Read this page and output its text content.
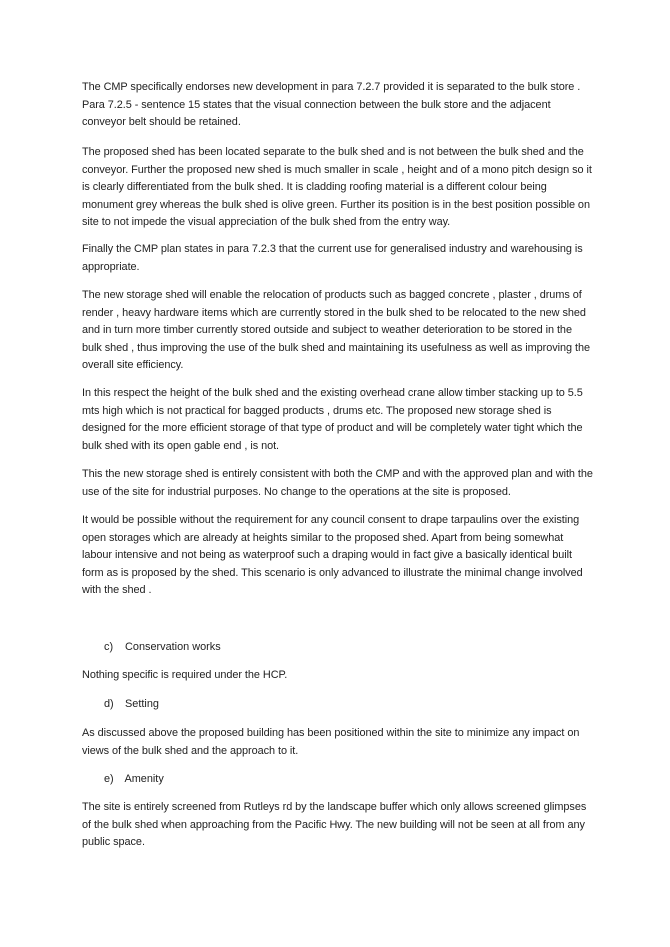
The CMP specifically endorses new development in para 7.2.7 provided it is separated to the bulk store . Para 7.2.5 - sentence 15 states that the visual connection between the bulk store and the adjacent conveyor belt should be retained.

The proposed shed has been located separate to the bulk shed and is not between the bulk shed and the conveyor. Further the proposed new shed is much smaller in scale , height and of a mono pitch design so it is clearly differentiated from the bulk shed. It is cladding roofing material is a different colour being monument grey whereas the bulk shed is olive green. Further its position is in the best position possible on site to not impede the visual appreciation of the bulk shed from the entry way.

Finally the CMP plan states in para 7.2.3 that the current use for generalised industry and warehousing is appropriate.

The new storage shed will enable the relocation of products such as bagged concrete , plaster , drums of render , heavy hardware items which are currently stored in the bulk shed to be relocated to the new shed and in turn more timber currently stored outside and subject to weather deterioration to be stored in the bulk shed , thus improving the use of the bulk shed and maintaining its usefulness as well as improving the overall site efficiency.

In this respect the height of the bulk shed and the existing overhead crane allow timber stacking up to 5.5 mts high which is not practical for bagged products , drums etc. The proposed new storage shed is designed for the more efficient storage of that type of product and will be completely water tight which the bulk shed with its open gable end , is not.

This the new storage shed is entirely consistent with both the CMP and with the approved plan and with the use of the site for industrial purposes. No change to the operations at the site is proposed.

It would be possible without the requirement for any council consent to drape tarpaulins over the existing open storages which are already at heights similar to the proposed shed. Apart from being somewhat labour intensive and not being as waterproof such a draping would in fact give a basically identical built form as is proposed by the shed. This scenario is only advanced to illustrate the minimal change involved with the shed .

c) Conservation works

Nothing specific is required under the HCP.

d) Setting

As discussed above the proposed building has been positioned within the site to minimize any impact on views of the bulk shed and the approach to it.

e) Amenity

The site is entirely screened from Rutleys rd by the landscape buffer which only allows screened glimpses of the bulk shed when approaching from the Pacific Hwy. The new building will not be seen at all from any public space.
